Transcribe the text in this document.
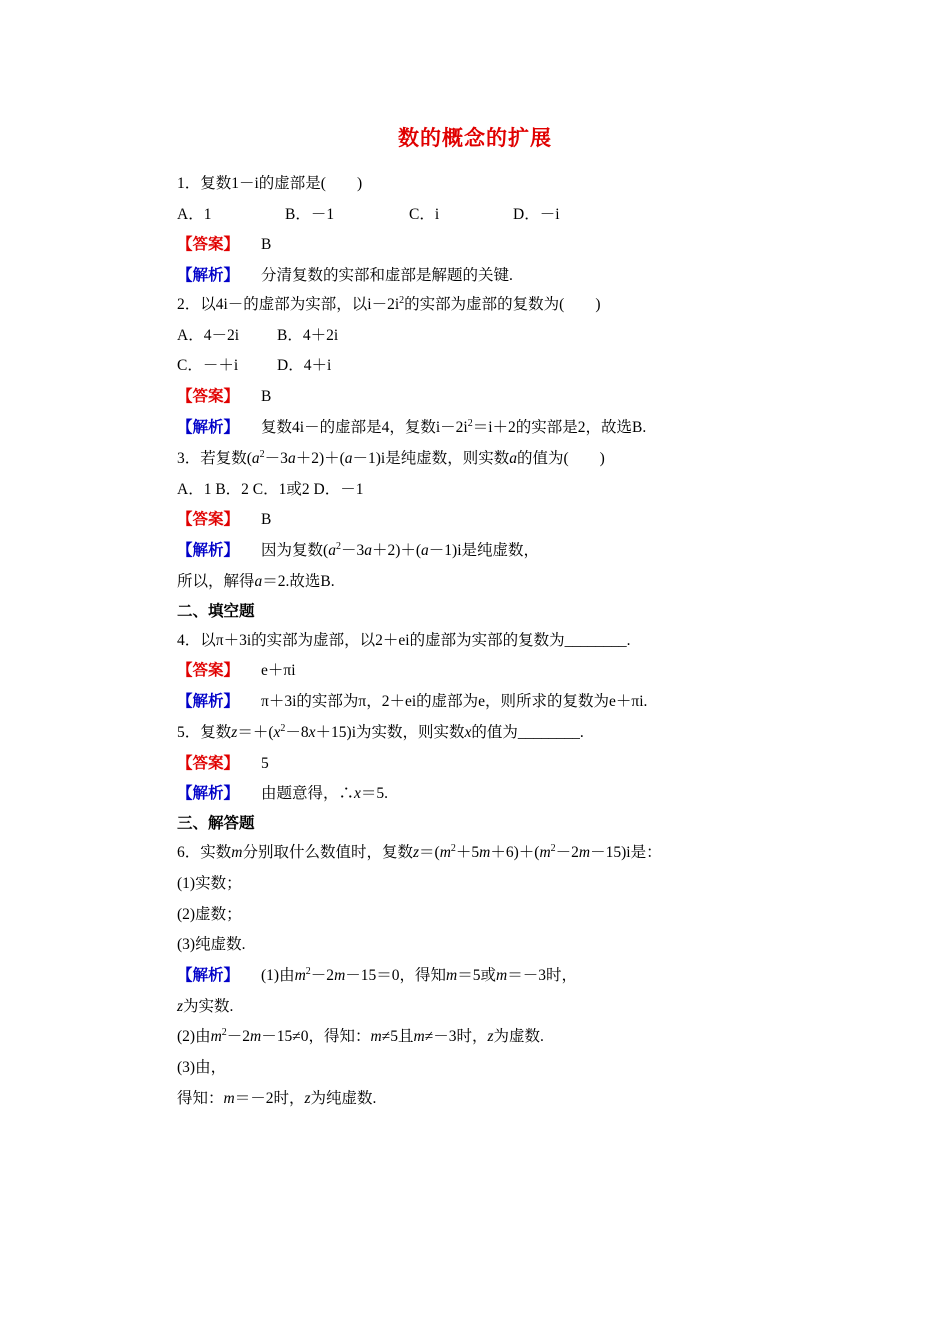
数的概念的扩展
1．复数1－i的虚部是(　　)
A．1	B．－1	C．i	D．－i
【答案】 B
【解析】 分清复数的实部和虚部是解题的关键.
2．以4i－的虚部为实部，以$i-2i^2$的实部为虚部的复数为(　　)
A．4－2i B．4＋2i
C．－＋i	D．4＋i
【答案】 B
【解析】 复数4i－的虚部是4，复数$i-2i^2=i+2$的实部是2，故选B.
3．若复数$(a^2-3a+2)+(a-1)i$是纯虚数，则实数a的值为(　　)
A．1 B．2 C．1或2 D．－1
【答案】 B
【解析】 因为复数$(a^2-3a+2)+(a-1)i$是纯虚数，
所以，解得a＝2.故选B.
二、填空题
4．以π＋3i的实部为虚部，以2＋ei的虚部为实部的复数为________.
【答案】 e＋πi
【解析】 π＋3i的实部为π，2＋ei的虚部为e，则所求的复数为e＋πi.
5．复数$z=+(x^2-8x+15)i$为实数，则实数x的值为________.
【答案】 5
【解析】 由题意得，∴x＝5.
三、解答题
6．实数m分别取什么数值时，复数$z=(m^2+5m+6)+(m^2-2m-15)i$是：
(1)实数；
(2)虚数；
(3)纯虚数.
【解析】 (1)由$m^2-2m-15=0$，得知m＝5或m＝－3时，
z为实数.
(2)由$m^2-2m-15\ne 0$，得知：m≠5且m≠－3时，z为虚数.
(3)由，
得知：m＝－2时，z为纯虚数.
